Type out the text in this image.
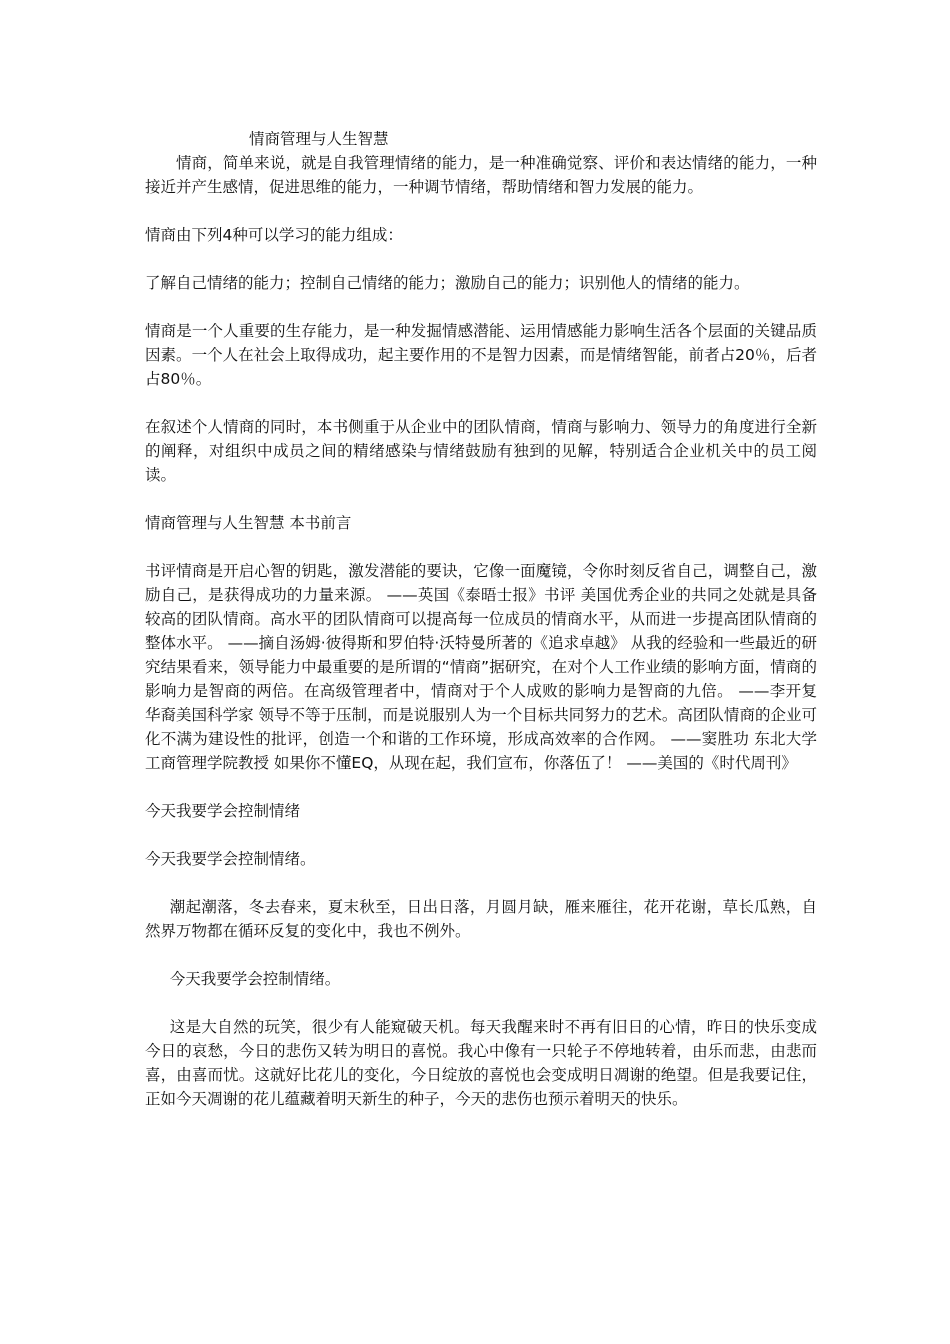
情商管理与人生智慧

情商，简单来说，就是自我管理情绪的能力，是一种准确觉察、评价和表达情绪的能力，一种接近并产生感情，促进思维的能力，一种调节情绪，帮助情绪和智力发展的能力。

情商由下列4种可以学习的能力组成：

了解自己情绪的能力；控制自己情绪的能力；激励自己的能力；识别他人的情绪的能力。

情商是一个人重要的生存能力，是一种发掘情感潜能、运用情感能力影响生活各个层面的关键品质因素。一个人在社会上取得成功，起主要作用的不是智力因素，而是情绪智能，前者占20％，后者占80％。

在叙述个人情商的同时，本书侧重于从企业中的团队情商，情商与影响力、领导力的角度进行全新的阐释，对组织中成员之间的精绪感染与情绪鼓励有独到的见解，特别适合企业机关中的员工阅读。

情商管理与人生智慧 本书前言

书评情商是开启心智的钥匙，激发潜能的要诀，它像一面魔镜，令你时刻反省自己，调整自己，激励自己，是获得成功的力量来源。 ——英国《泰晤士报》书评 美国优秀企业的共同之处就是具备较高的团队情商。高水平的团队情商可以提高每一位成员的情商水平，从而进一步提高团队情商的整体水平。 ——摘自汤姆·彼得斯和罗伯特·沃特曼所著的《追求卓越》 从我的经验和一些最近的研究结果看来，领导能力中最重要的是所谓的“情商”据研究，在对个人工作业绩的影响方面，情商的影响力是智商的两倍。在高级管理者中，情商对于个人成败的影响力是智商的九倍。 ——李开复 华裔美国科学家 领导不等于压制，而是说服别人为一个目标共同努力的艺术。高团队情商的企业可化不满为建设性的批评，创造一个和谐的工作环境，形成高效率的合作网。 ——窦胜功 东北大学工商管理学院教授 如果你不懂EQ，从现在起，我们宣布，你落伍了！ ——美国的《时代周刊》

今天我要学会控制情绪

今天我要学会控制情绪。

潮起潮落，冬去春来，夏末秋至，日出日落，月圆月缺，雁来雁往，花开花谢，草长瓜熟，自然界万物都在循环反复的变化中，我也不例外。

今天我要学会控制情绪。

这是大自然的玩笑，很少有人能窥破天机。每天我醒来时不再有旧日的心情，昨日的快乐变成今日的哀愁，今日的悲伤又转为明日的喜悦。我心中像有一只轮子不停地转着，由乐而悲，由悲而喜，由喜而忧。这就好比花儿的变化，今日绽放的喜悦也会变成明日凋谢的绝望。但是我要记住，正如今天凋谢的花儿蕴藏着明天新生的种子，今天的悲伤也预示着明天的快乐。
